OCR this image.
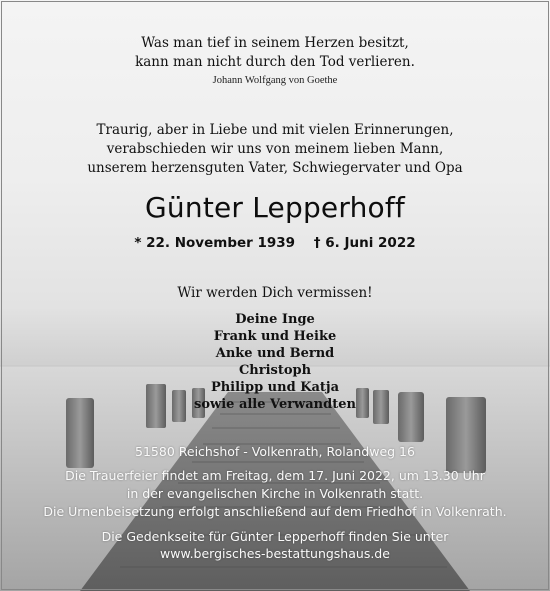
Was man tief in seinem Herzen besitzt,
kann man nicht durch den Tod verlieren.
Johann Wolfgang von Goethe
Traurig, aber in Liebe und mit vielen Erinnerungen,
verabschieden wir uns von meinem lieben Mann,
unserem herzensguten Vater, Schwiegervater und Opa
Günter Lepperhoff
* 22. November 1939 † 6. Juni 2022
Wir werden Dich vermissen!
Deine Inge
Frank und Heike
Anke und Bernd
Christoph
Philipp und Katja
sowie alle Verwandten
51580 Reichshof - Volkenrath, Rolandweg 16
Die Trauerfeier findet am Freitag, dem 17. Juni 2022, um 13.30 Uhr
in der evangelischen Kirche in Volkenrath statt.
Die Urnenbeisetzung erfolgt anschließend auf dem Friedhof in Volkenrath.
Die Gedenkseite für Günter Lepperhoff finden Sie unter
www.bergisches-bestattungshaus.de
